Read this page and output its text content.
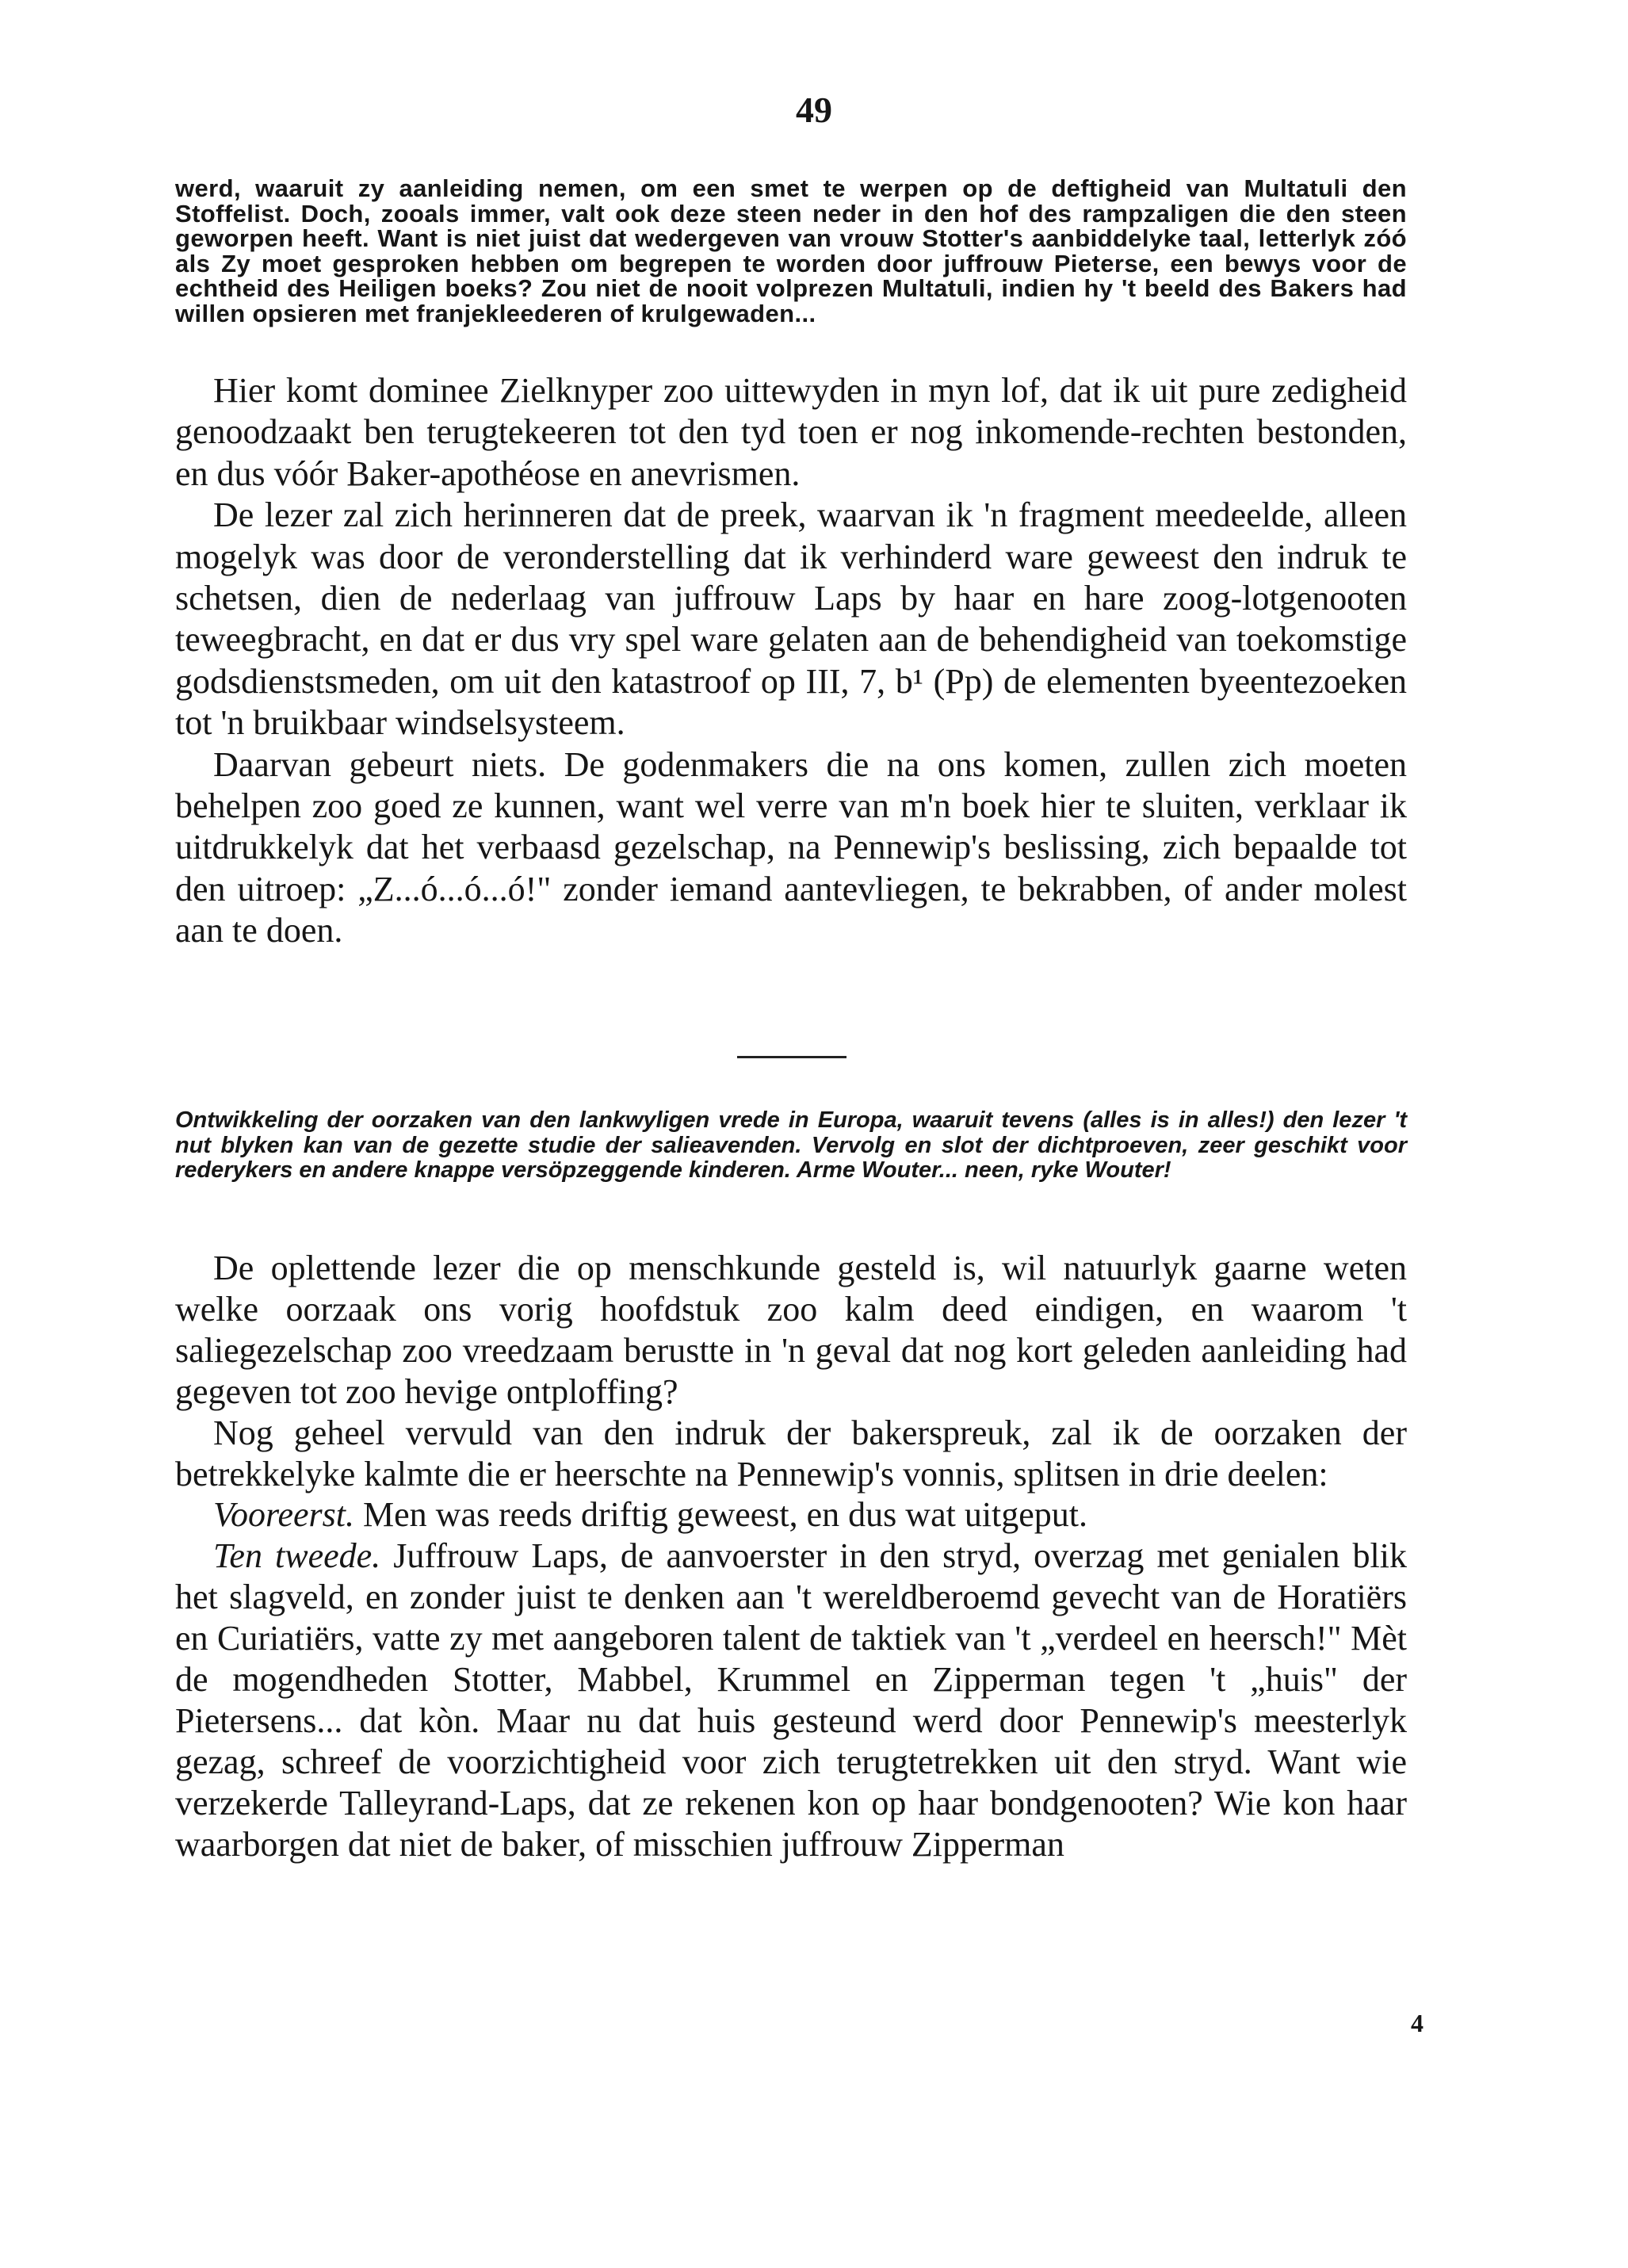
49

werd, waaruit zy aanleiding nemen, om een smet te werpen op de deftigheid van Multatuli den Stoffelist. Doch, zooals immer, valt ook deze steen neder in den hof des rampzaligen die den steen geworpen heeft. Want is niet juist dat wedergeven van vrouw Stotter's aanbiddelyke taal, letterlyk zóó als Zy moet gesproken hebben om begrepen te worden door juffrouw Pieterse, een bewys voor de echtheid des Heiligen boeks? Zou niet de nooit volprezen Multatuli, indien hy 't beeld des Bakers had willen opsieren met franjekleederen of krulgewaden...

Hier komt dominee Zielknyper zoo uittewyden in myn lof, dat ik uit pure zedigheid genoodzaakt ben terugtekeeren tot den tyd toen er nog inkomende-rechten bestonden, en dus vóór Baker-apothéose en anevrismen.

De lezer zal zich herinneren dat de preek, waarvan ik 'n fragment meedeelde, alleen mogelyk was door de veronderstelling dat ik verhinderd ware geweest den indruk te schetsen, dien de nederlaag van juffrouw Laps by haar en hare zoog-lotgenooten teweegbracht, en dat er dus vry spel ware gelaten aan de behendigheid van toekomstige godsdienstsmeden, om uit den katastroof op III, 7, b¹ (Pp) de elementen byeentezoeken tot 'n bruikbaar windselsysteem.

Daarvan gebeurt niets. De godenmakers die na ons komen, zullen zich moeten behelpen zoo goed ze kunnen, want wel verre van m'n boek hier te sluiten, verklaar ik uitdrukkelyk dat het verbaasd gezelschap, na Pennewip's beslissing, zich bepaalde tot den uitroep: „Z...ó...ó...ó!" zonder iemand aantevliegen, te bekrabben, of ander molest aan te doen.

Ontwikkeling der oorzaken van den lankwyligen vrede in Europa, waaruit tevens (alles is in alles!) den lezer 't nut blyken kan van de gezette studie der salieavenden. Vervolg en slot der dichtproeven, zeer geschikt voor rederykers en andere knappe versöpzeggende kinderen. Arme Wouter... neen, ryke Wouter!

De oplettende lezer die op menschkunde gesteld is, wil natuurlyk gaarne weten welke oorzaak ons vorig hoofdstuk zoo kalm deed eindigen, en waarom 't saliegezelschap zoo vreedzaam berustte in 'n geval dat nog kort geleden aanleiding had gegeven tot zoo hevige ontploffing?

Nog geheel vervuld van den indruk der bakerspreuk, zal ik de oorzaken der betrekkelyke kalmte die er heerschte na Pennewip's vonnis, splitsen in drie deelen:

Vooreerst. Men was reeds driftig geweest, en dus wat uitgeput.

Ten tweede. Juffrouw Laps, de aanvoerster in den stryd, overzag met genialen blik het slagveld, en zonder juist te denken aan 't wereldberoemd gevecht van de Horatiërs en Curiatiërs, vatte zy met aangeboren talent de taktiek van 't „verdeel en heersch!" Mèt de mogendheden Stotter, Mabbel, Krummel en Zipperman tegen 't „huis" der Pietersens... dat kòn. Maar nu dat huis gesteund werd door Pennewip's meesterlyk gezag, schreef de voorzichtigheid voor zich terugtetrekken uit den stryd. Want wie verzekerde Talleyrand-Laps, dat ze rekenen kon op haar bondgenooten? Wie kon haar waarborgen dat niet de baker, of misschien juffrouw Zipperman

4
